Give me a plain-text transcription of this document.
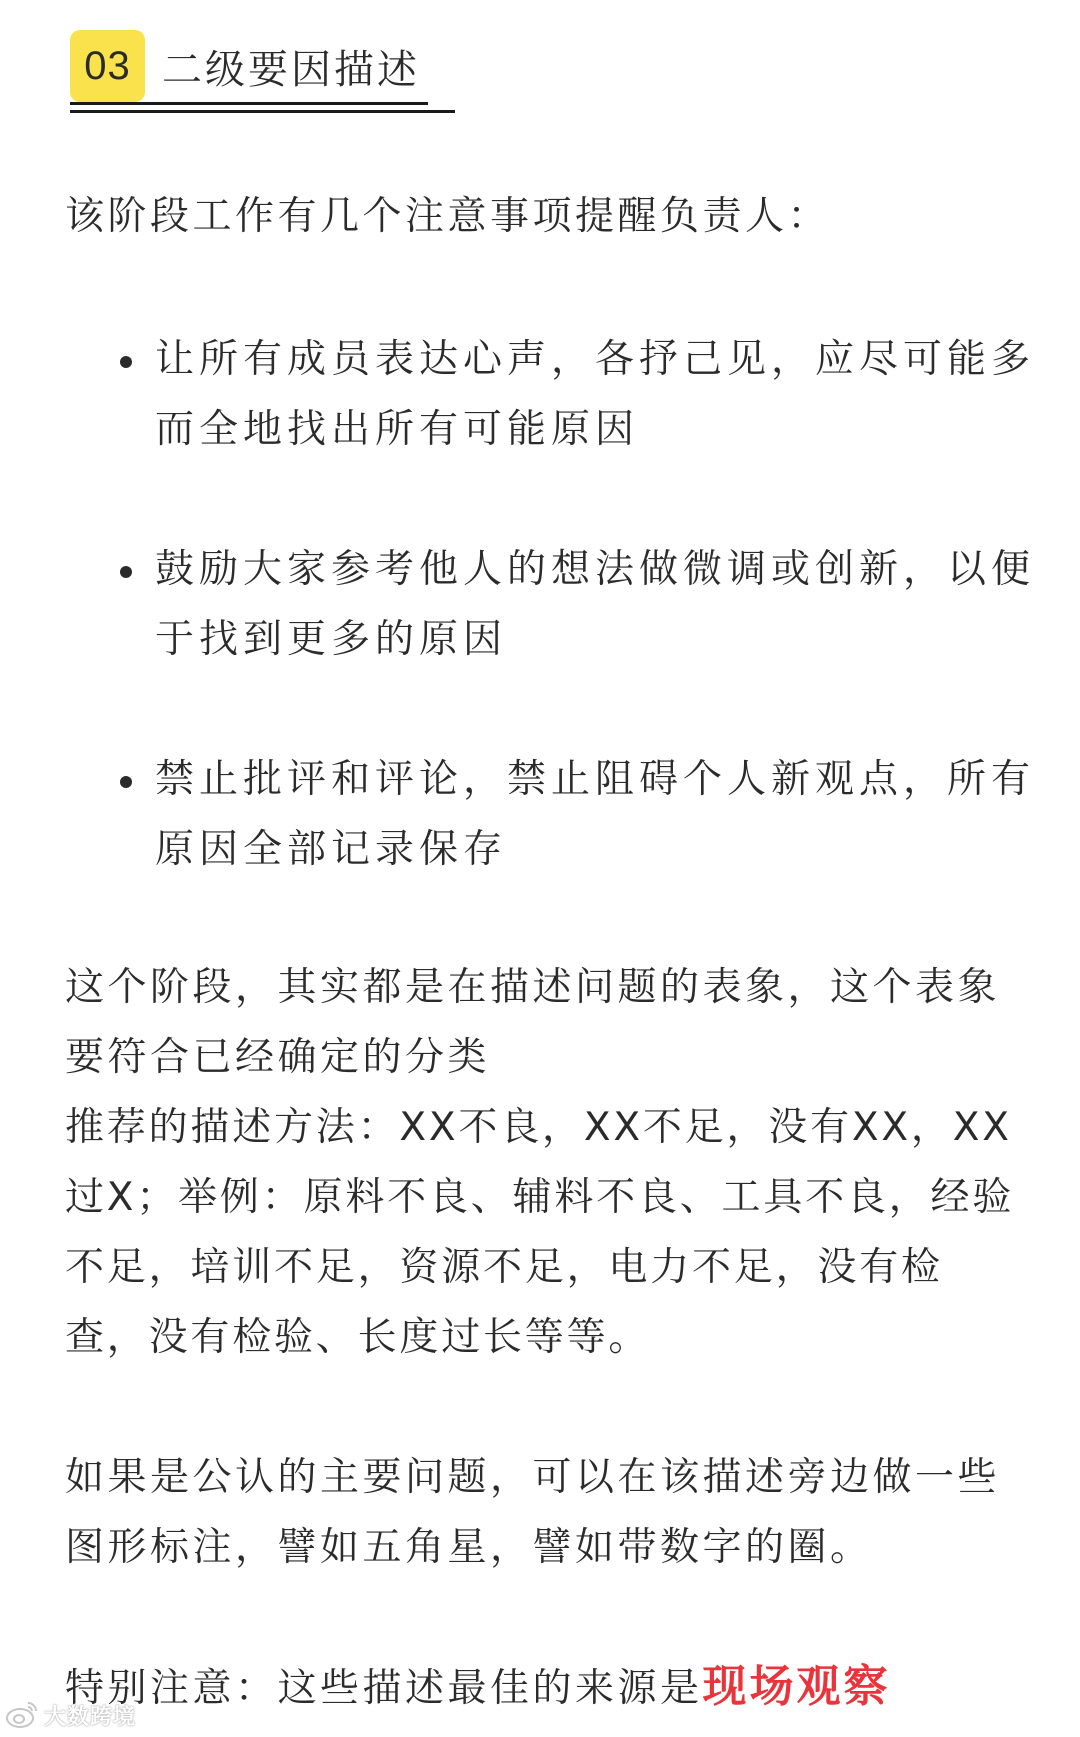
03 二级要因描述

该阶段工作有几个注意事项提醒负责人：

让所有成员表达心声，各抒己见，应尽可能多而全地找出所有可能原因
鼓励大家参考他人的想法做微调或创新，以便于找到更多的原因
禁止批评和评论，禁止阻碍个人新观点，所有原因全部记录保存

这个阶段，其实都是在描述问题的表象，这个表象要符合已经确定的分类

推荐的描述方法：XX不良，XX不足，没有XX，XX过X；举例：原料不良、辅料不良、工具不良，经验不足，培训不足，资源不足，电力不足，没有检查，没有检验、长度过长等等。

如果是公认的主要问题，可以在该描述旁边做一些图形标注，譬如五角星，譬如带数字的圈。

特别注意：这些描述最佳的来源是现场观察

大数跨境
